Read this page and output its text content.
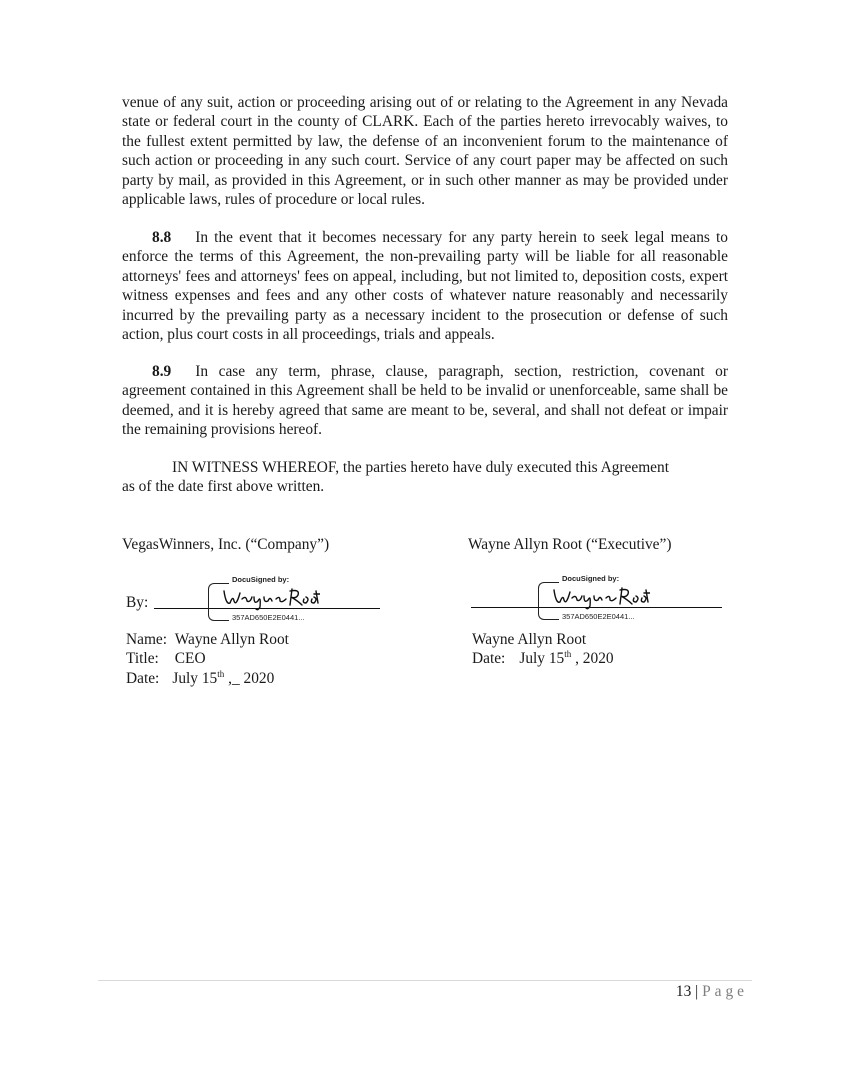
venue of any suit, action or proceeding arising out of or relating to the Agreement in any Nevada state or federal court in the county of CLARK. Each of the parties hereto irrevocably waives, to the fullest extent permitted by law, the defense of an inconvenient forum to the maintenance of such action or proceeding in any such court. Service of any court paper may be affected on such party by mail, as provided in this Agreement, or in such other manner as may be provided under applicable laws, rules of procedure or local rules.

8.8 In the event that it becomes necessary for any party herein to seek legal means to enforce the terms of this Agreement, the non-prevailing party will be liable for all reasonable attorneys' fees and attorneys' fees on appeal, including, but not limited to, deposition costs, expert witness expenses and fees and any other costs of whatever nature reasonably and necessarily incurred by the prevailing party as a necessary incident to the prosecution or defense of such action, plus court costs in all proceedings, trials and appeals.

8.9 In case any term, phrase, clause, paragraph, section, restriction, covenant or agreement contained in this Agreement shall be held to be invalid or unenforceable, same shall be deemed, and it is hereby agreed that same are meant to be, several, and shall not defeat or impair the remaining provisions hereof.

IN WITNESS WHEREOF, the parties hereto have duly executed this Agreement
as of the date first above written.
VegasWinners, Inc. (“Company”)
By:
DocuSigned by:
357AD650E2E0441...
Name: Wayne Allyn Root
Title: CEO
Date: July 15th ,_ 2020
Wayne Allyn Root (“Executive”)
DocuSigned by:
357AD650E2E0441...
Wayne Allyn Root
Date: July 15th , 2020
13 | Page
